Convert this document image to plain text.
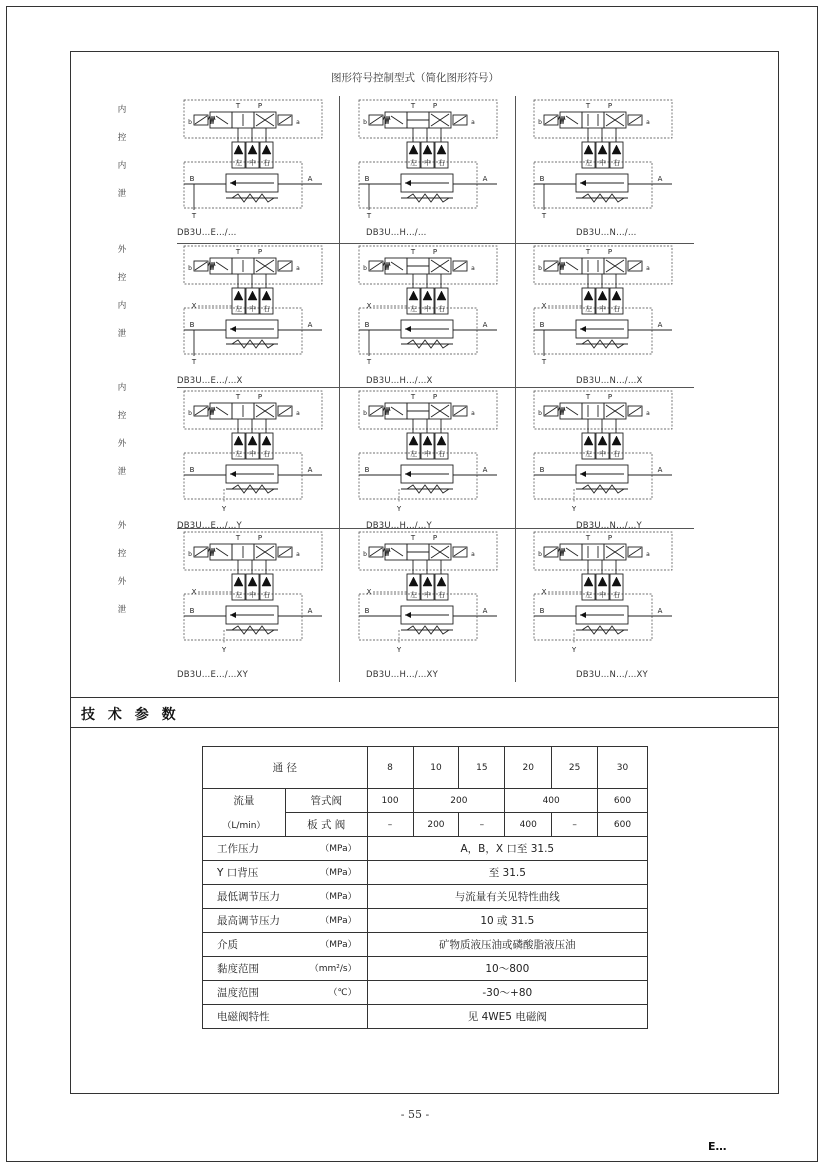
图形符号控制型式（简化图形符号）
内
控
内
泄
外
控
内
泄
内
控
外
泄
外
控
外
泄
T	P
b	a
左 中 右
B	A
T
DB3U…E…/…
T	P
b	a
左 中 右
B	A
T
DB3U…H…/…
T	P
b	a
左 中 右
B	A
T
DB3U…N…/…
T	P
b	a
左 中 右
B	A
T
X
DB3U…E…/…X
T	P
b	a
左 中 右
B	A
T
X
DB3U…H…/…X
T	P
b	a
左 中 右
B	A
T
X
DB3U…N…/…X
T	P
b	a
左 中 右
B	A
Y
DB3U…E…/…Y
T	P
b	a
左 中 右
B	A
Y
DB3U…H…/…Y
T	P
b	a
左 中 右
B	A
Y
DB3U…N…/…Y
T	P
b	a
左 中 右
B	A
Y
X
DB3U…E…/…XY
T	P
b	a
左 中 右
B	A
Y
X
DB3U…H…/…XY
T	P
b	a
左 中 右
B	A
Y
X
DB3U…N…/…XY
技 术 参 数
通 径		8	10	15	20	25	30
流量	管式阀	100	200		400		600
（L/min）	板 式 阀	–	200	–	400	–	600

工作压力 （MPa）		A，B，X 口至 31.5					

Y 口背压 （MPa）		至 31.5					

最低调节压力 （MPa）		与流量有关见特性曲线					

最高调节压力 （MPa）		10 或 31.5					

介质 （MPa）		矿物质液压油或磷酸脂液压油					

黏度范围 （mm²/s）		10～800					

温度范围 （℃）		-30～+80					

电磁阀特性		见 4WE5 电磁阀					
- 55 -
E…
